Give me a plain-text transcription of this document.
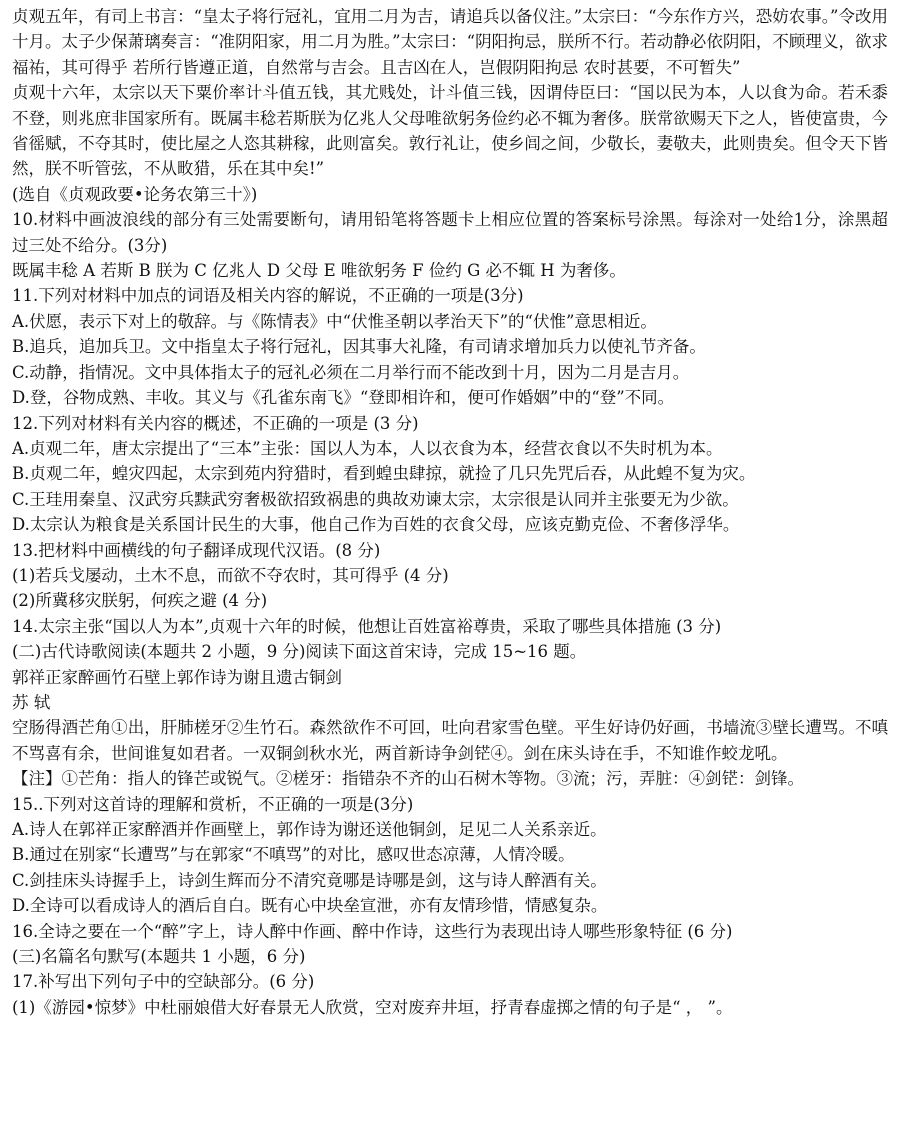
贞观五年，有司上书言：“皇太子将行冠礼，宜用二月为吉，请追兵以备仪注。”太宗曰：“今东作方兴，恐妨农事。”令改用十月。太子少保萧璃奏言：“准阴阳家，用二月为胜。”太宗曰：“阴阳拘忌，朕所不行。若动静必依阴阳，不顾理义，欲求福祐，其可得乎 若所行皆遵正道，自然常与吉会。且吉凶在人，岂假阴阳拘忌 农时甚要，不可暂失”

贞观十六年，太宗以天下粟价率计斗值五钱，其尤贱处，计斗值三钱，因谓侍臣曰：“国以民为本，人以食为命。若禾黍不登，则兆庶非国家所有。既属丰稔若斯朕为亿兆人父母唯欲躬务俭约必不辄为奢侈。朕常欲赐天下之人，皆使富贵，今省徭赋，不夺其时，使比屋之人恣其耕稼，此则富矣。敦行礼让，使乡闾之间，少敬长，妻敬夫，此则贵矣。但令天下皆然，朕不听管弦，不从畋猎，乐在其中矣!”

(选自《贞观政要•论务农第三十》)

10.材料中画波浪线的部分有三处需要断句，请用铅笔将答题卡上相应位置的答案标号涂黑。每涂对一处给1分，涂黑超过三处不给分。(3分)

既属丰稔 A 若斯 B 朕为 C 亿兆人 D 父母 E 唯欲躬务 F 俭约 G 必不辄 H 为奢侈。

11.下列对材料中加点的词语及相关内容的解说，不正确的一项是(3分)

A.伏愿，表示下对上的敬辞。与《陈情表》中“伏惟圣朝以孝治天下”的“伏惟”意思相近。

B.追兵，追加兵卫。文中指皇太子将行冠礼，因其事大礼隆，有司请求增加兵力以使礼节齐备。

C.动静，指情况。文中具体指太子的冠礼必须在二月举行而不能改到十月，因为二月是吉月。

D.登，谷物成熟、丰收。其义与《孔雀东南飞》“登即相许和，便可作婚姻”中的“登”不同。

12.下列对材料有关内容的概述，不正确的一项是 (3 分)

A.贞观二年，唐太宗提出了“三本”主张：国以人为本，人以衣食为本，经营衣食以不失时机为本。

B.贞观二年，蝗灾四起，太宗到苑内狩猎时，看到蝗虫肆掠，就捡了几只先咒后吞，从此蝗不复为灾。

C.王珪用秦皇、汉武穷兵黩武穷奢极欲招致祸患的典故劝谏太宗，太宗很是认同并主张要无为少欲。

D.太宗认为粮食是关系国计民生的大事，他自己作为百姓的衣食父母，应该克勤克俭、不奢侈浮华。

13.把材料中画横线的句子翻译成现代汉语。(8 分)

(1)若兵戈屡动，土木不息，而欲不夺农时，其可得乎 (4 分)

(2)所冀移灾朕躬，何疾之避 (4 分)

14.太宗主张“国以人为本”,贞观十六年的时候，他想让百姓富裕尊贵，采取了哪些具体措施 (3 分)

(二)古代诗歌阅读(本题共 2 小题，9 分)阅读下面这首宋诗，完成 15~16 题。

郭祥正家醉画竹石壁上郭作诗为谢且遗古铜剑

苏 轼

空肠得酒芒角①出，肝肺槎牙②生竹石。森然欲作不可回，吐向君家雪色壁。平生好诗仍好画，书墙流③壁长遭骂。不嗔不骂喜有余，世间谁复如君者。一双铜剑秋水光，两首新诗争剑铓④。剑在床头诗在手，不知谁作蛟龙吼。

【注】①芒角：指人的锋芒或锐气。②槎牙：指错杂不齐的山石树木等物。③流；污，弄脏：④剑铓：剑锋。

15..下列对这首诗的理解和赏析，不正确的一项是(3分)

A.诗人在郭祥正家醉酒并作画壁上，郭作诗为谢还送他铜剑，足见二人关系亲近。

B.通过在别家“长遭骂”与在郭家“不嗔骂”的对比，感叹世态凉薄，人情冷暖。

C.剑挂床头诗握手上，诗剑生辉而分不清究竟哪是诗哪是剑，这与诗人醉酒有关。

D.全诗可以看成诗人的酒后自白。既有心中块垒宣泄，亦有友情珍惜，情感复杂。

16.全诗之要在一个“醉”字上，诗人醉中作画、醉中作诗，这些行为表现出诗人哪些形象特征 (6 分)

(三)名篇名句默写(本题共 1 小题，6 分)

17.补写出下列句子中的空缺部分。(6 分)

(1)《游园•惊梦》中杜丽娘借大好春景无人欣赏，空对废弃井垣，抒青春虚掷之情的句子是“ ， ”。
